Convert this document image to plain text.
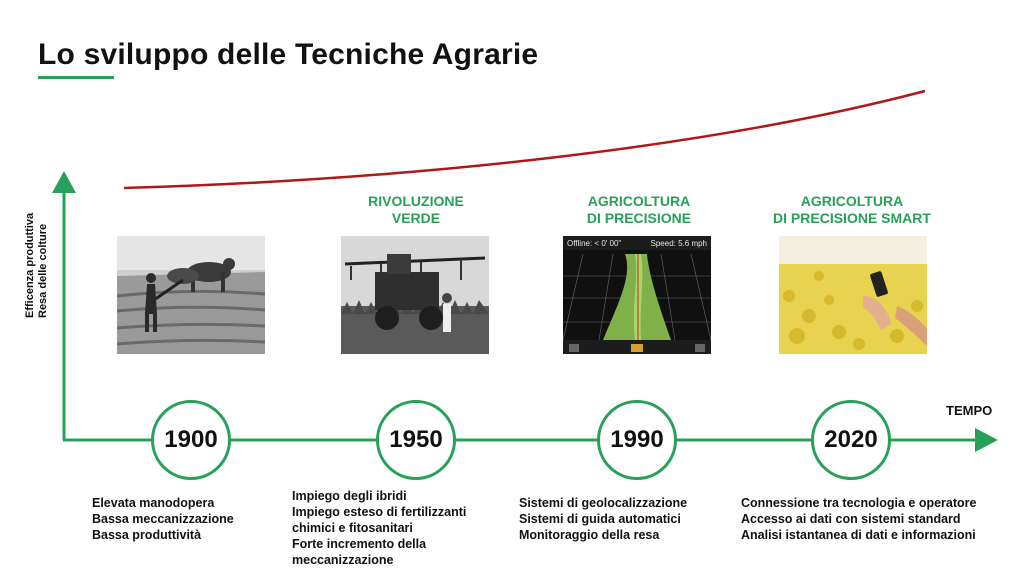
Lo sviluppo delle Tecniche Agrarie
Efficenza produttiva Resa delle colture
TEMPO
RIVOLUZIONE
VERDE
AGRICOLTURA
DI PRECISIONE
AGRICOLTURA
DI PRECISIONE SMART
Offline: < 0' 00"	Speed: 5.6 mph
1900	1950	1990	2020
Elevata manodopera
Bassa meccanizzazione
Bassa produttività
Impiego degli ibridi
Impiego esteso di fertilizzanti
chimici e fitosanitari
Forte incremento della
meccanizzazione
Sistemi di geolocalizzazione
Sistemi di guida automatici
Monitoraggio della resa
Connessione tra tecnologia e operatore
Accesso ai dati con sistemi standard
Analisi istantanea di dati e informazioni
